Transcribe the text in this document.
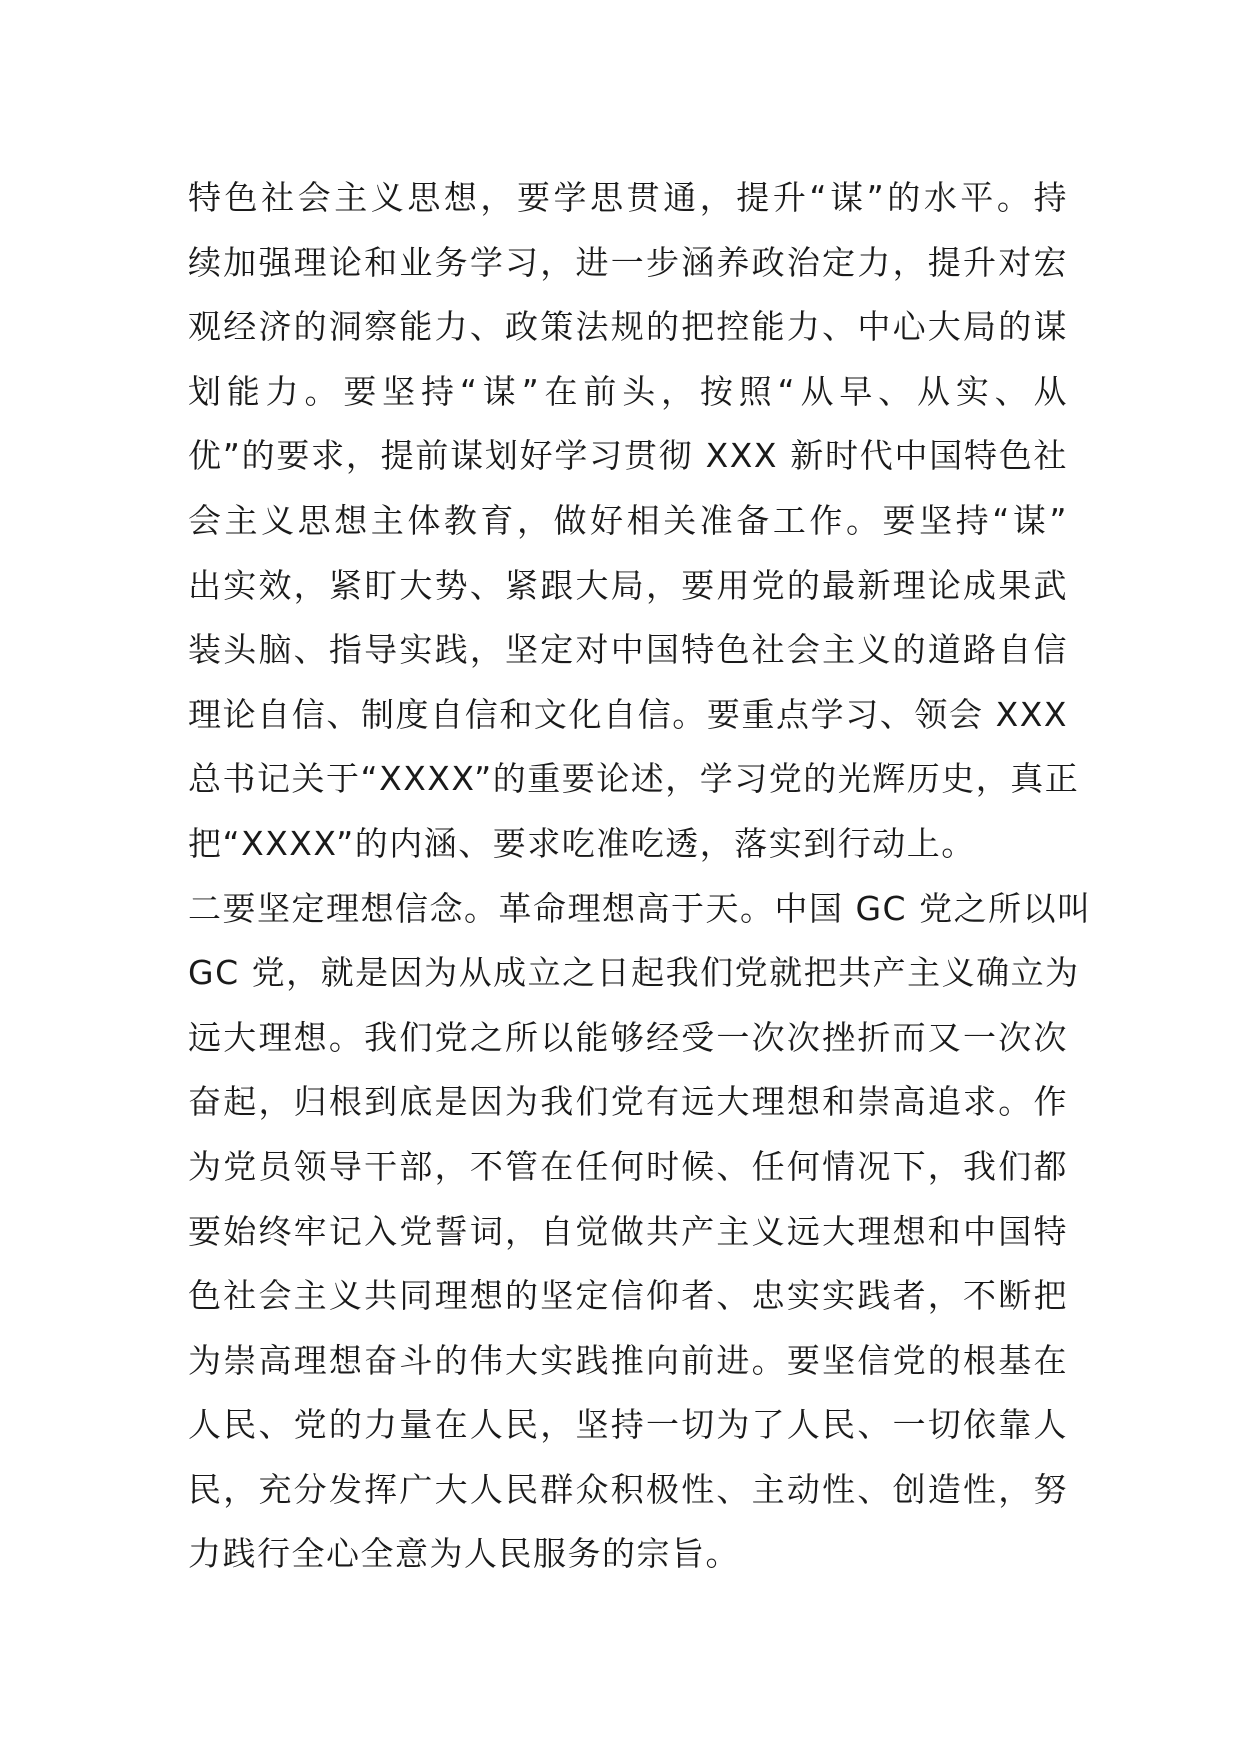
特色社会主义思想，要学思贯通，提升“谋”的水平。持
续加强理论和业务学习，进一步涵养政治定力，提升对宏
观经济的洞察能力、政策法规的把控能力、中心大局的谋
划能力。要坚持“谋”在前头，按照“从早、从实、从
优”的要求，提前谋划好学习贯彻 XXX 新时代中国特色社
会主义思想主体教育，做好相关准备工作。要坚持“谋”
出实效，紧盯大势、紧跟大局，要用党的最新理论成果武
装头脑、指导实践，坚定对中国特色社会主义的道路自信
理论自信、制度自信和文化自信。要重点学习、领会 XXX
总书记关于“XXXX”的重要论述，学习党的光辉历史，真正
把“XXXX”的内涵、要求吃准吃透，落实到行动上。
二要坚定理想信念。革命理想高于天。中国 GC 党之所以叫
GC 党，就是因为从成立之日起我们党就把共产主义确立为
远大理想。我们党之所以能够经受一次次挫折而又一次次
奋起，归根到底是因为我们党有远大理想和崇高追求。作
为党员领导干部，不管在任何时候、任何情况下，我们都
要始终牢记入党誓词，自觉做共产主义远大理想和中国特
色社会主义共同理想的坚定信仰者、忠实实践者，不断把
为崇高理想奋斗的伟大实践推向前进。要坚信党的根基在
人民、党的力量在人民，坚持一切为了人民、一切依靠人
民，充分发挥广大人民群众积极性、主动性、创造性，努
力践行全心全意为人民服务的宗旨。
